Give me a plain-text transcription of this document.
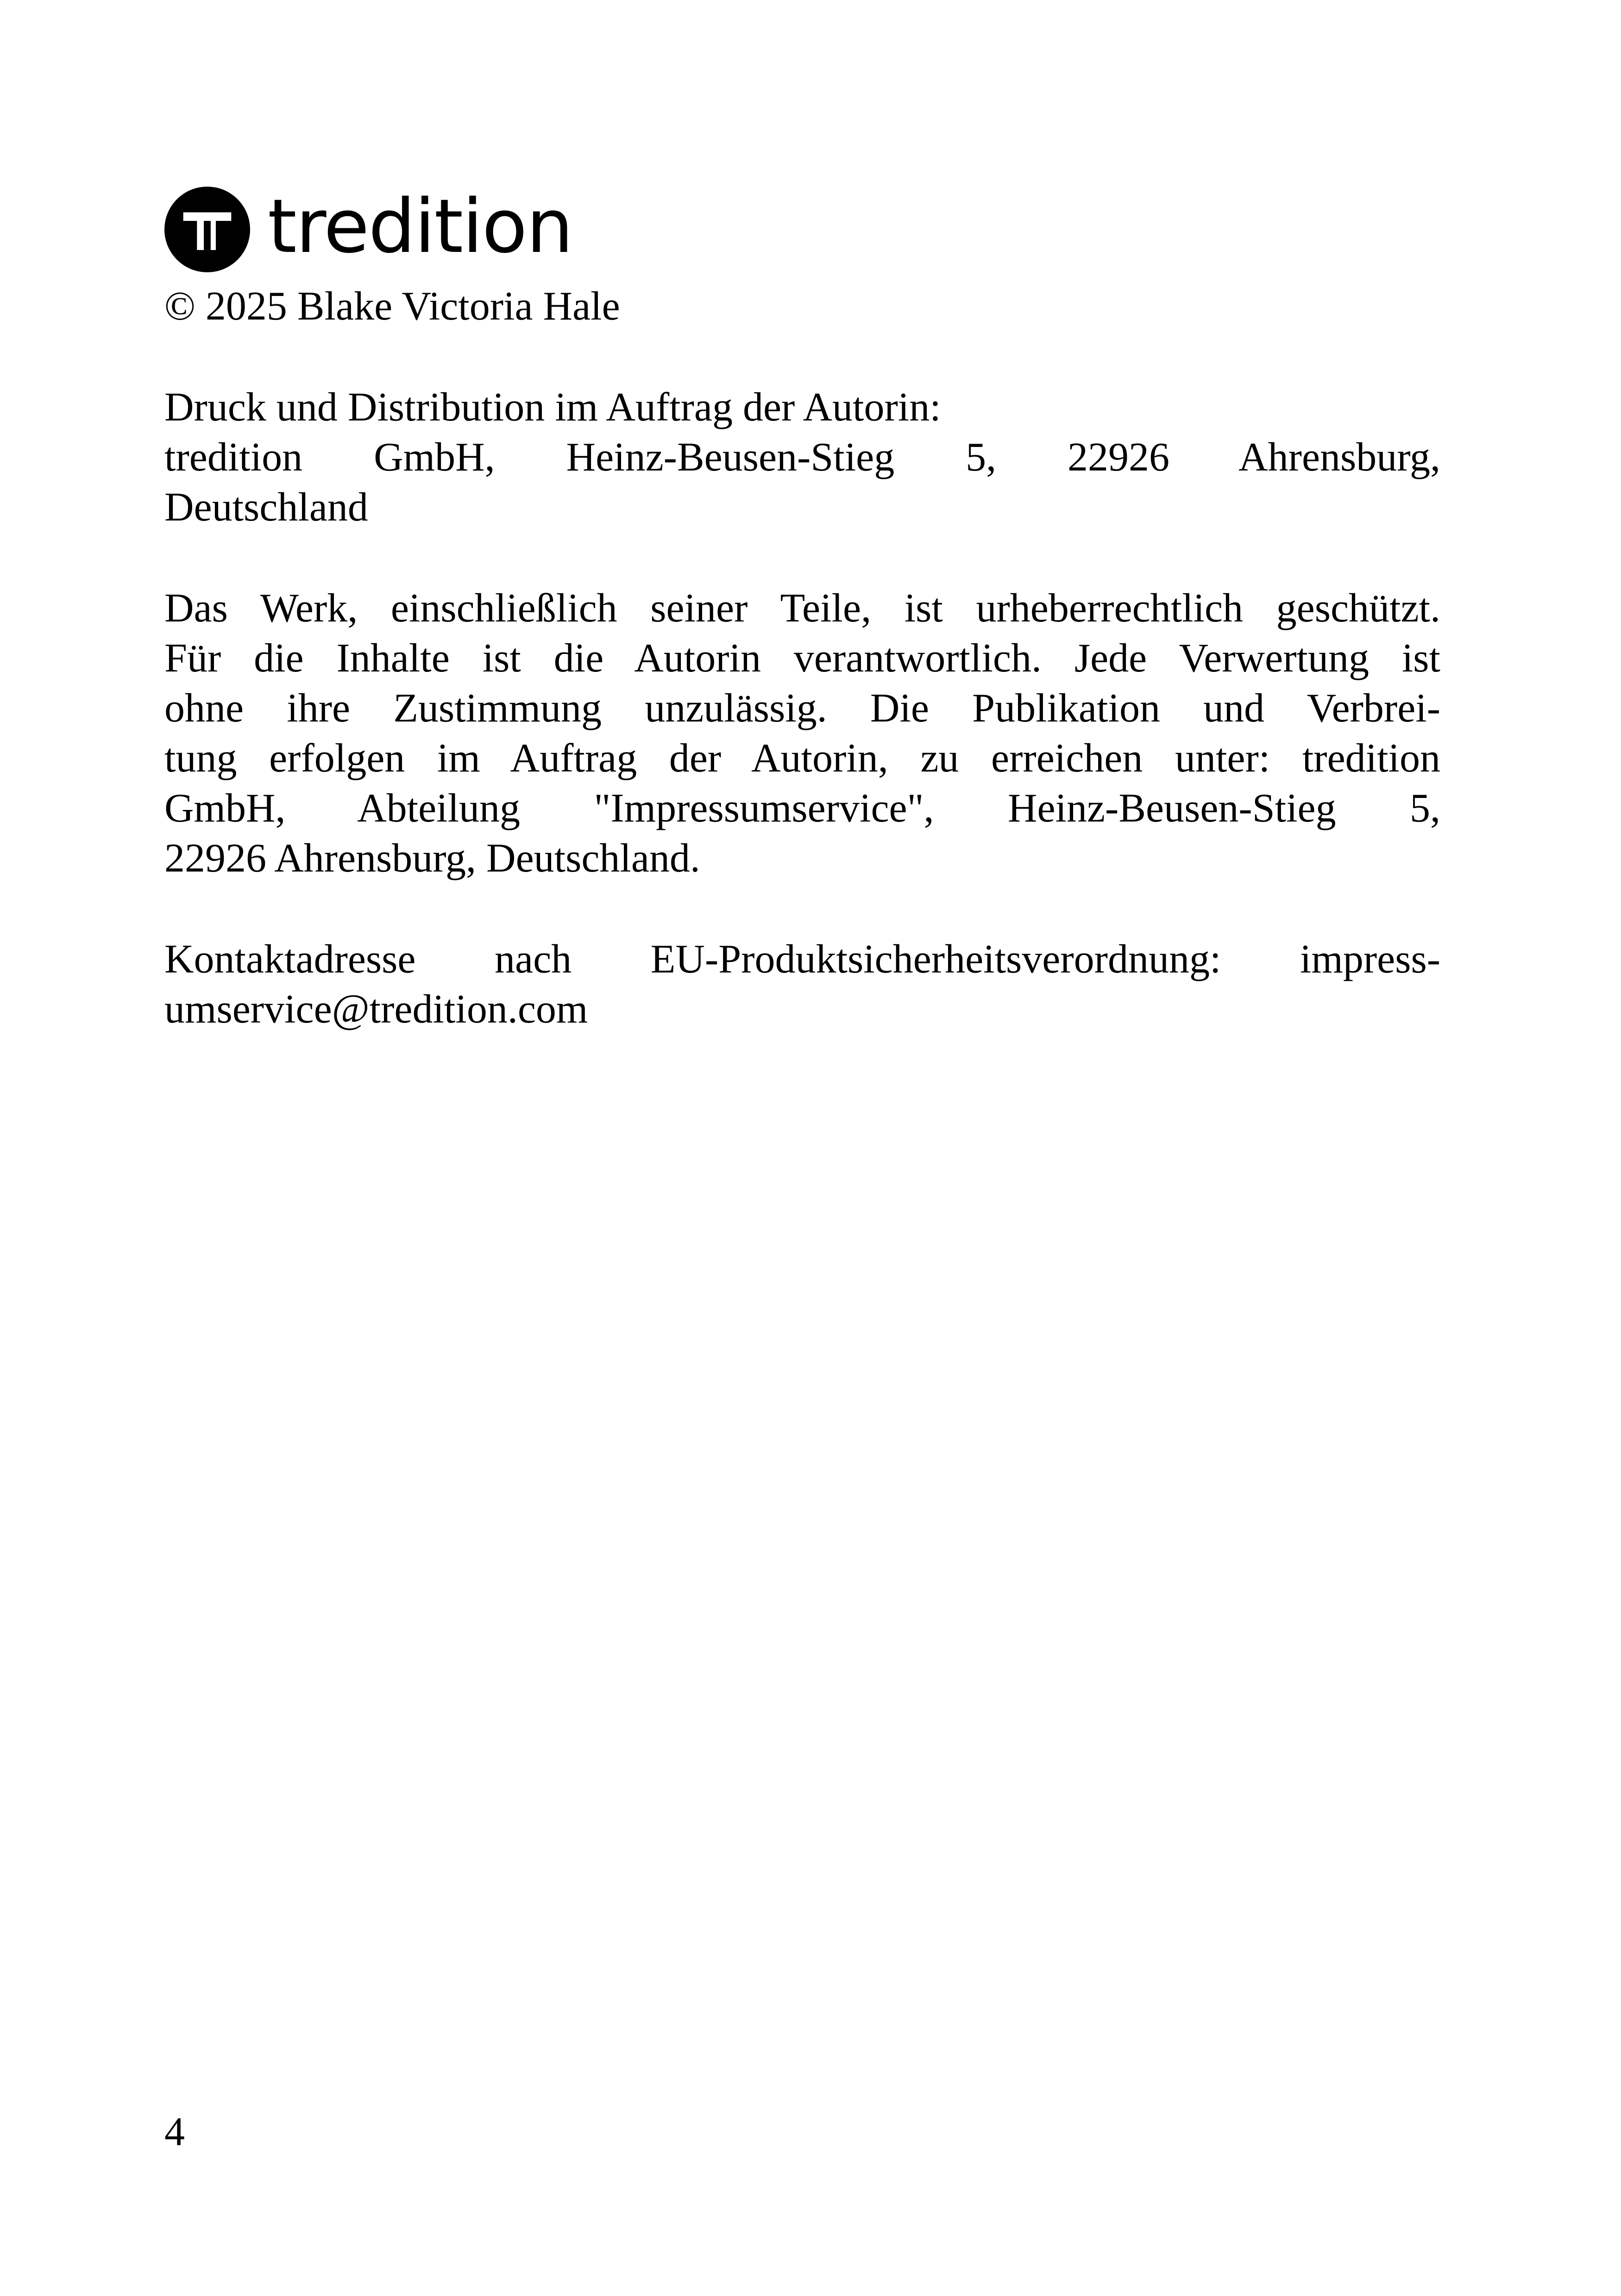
tredition

© 2025 Blake Victoria Hale

Druck und Distribution im Auftrag der Autorin:
tredition GmbH, Heinz-Beusen-Stieg 5, 22926 Ahrensburg,
Deutschland

Das Werk, einschließlich seiner Teile, ist urheberrechtlich geschützt.
Für die Inhalte ist die Autorin verantwortlich. Jede Verwertung ist
ohne ihre Zustimmung unzulässig. Die Publikation und Verbrei-
tung erfolgen im Auftrag der Autorin, zu erreichen unter: tredition
GmbH, Abteilung "Impressumservice", Heinz-Beusen-Stieg 5,
22926 Ahrensburg, Deutschland.

Kontaktadresse nach EU-Produktsicherheitsverordnung: impress-
umservice@tredition.com

4
